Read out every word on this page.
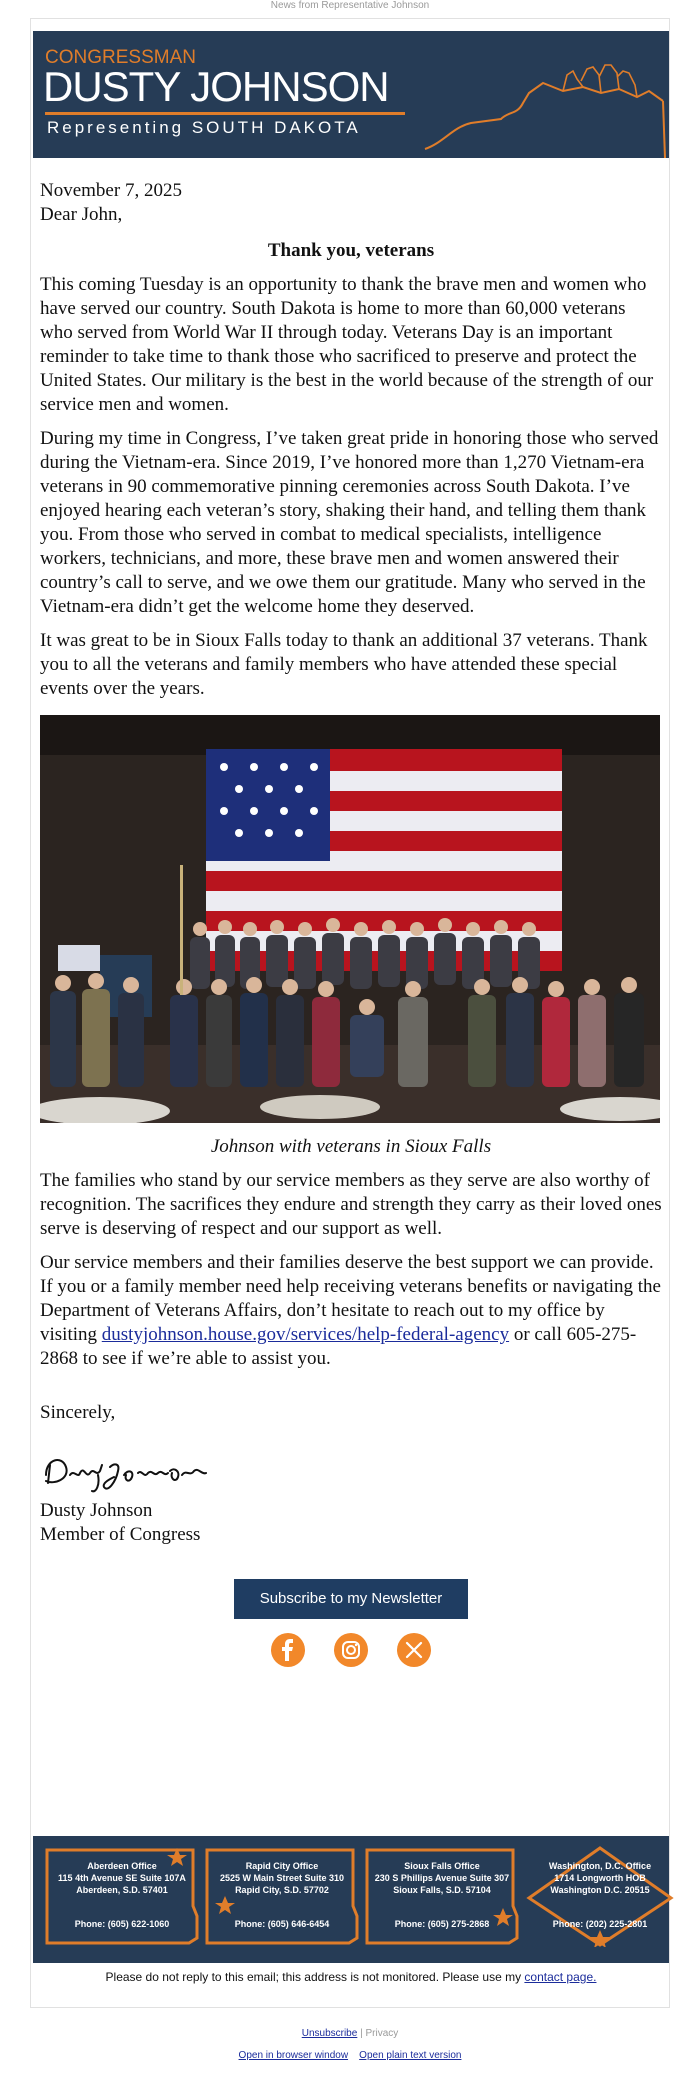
News from Representative Johnson
CONGRESSMAN
DUSTY JOHNSON
Representing SOUTH DAKOTA

November 7, 2025

Dear John,

Thank you, veterans

This coming Tuesday is an opportunity to thank the brave men and women who have served our country. South Dakota is home to more than 60,000 veterans who served from World War II through today. Veterans Day is an important reminder to take time to thank those who sacrificed to preserve and protect the United States. Our military is the best in the world because of the strength of our service men and women.

During my time in Congress, I’ve taken great pride in honoring those who served during the Vietnam-era. Since 2019, I’ve honored more than 1,270 Vietnam-era veterans in 90 commemorative pinning ceremonies across South Dakota. I’ve enjoyed hearing each veteran’s story, shaking their hand, and telling them thank you. From those who served in combat to medical specialists, intelligence workers, technicians, and more, these brave men and women answered their country’s call to serve, and we owe them our gratitude. Many who served in the Vietnam-era didn’t get the welcome home they deserved.

It was great to be in Sioux Falls today to thank an additional 37 veterans. Thank you to all the veterans and family members who have attended these special events over the years.

Johnson with veterans in Sioux Falls

The families who stand by our service members as they serve are also worthy of recognition. The sacrifices they endure and strength they carry as their loved ones serve is deserving of respect and our support as well.

Our service members and their families deserve the best support we can provide. If you or a family member need help receiving veterans benefits or navigating the Department of Veterans Affairs, don’t hesitate to reach out to my office by visiting dustyjohnson.house.gov/services/help-federal-agency or call 605-275-2868 to see if we’re able to assist you.

Sincerely,

Dusty Johnson

Member of Congress

Subscribe to my Newsletter

Aberdeen Office
115 4th Avenue SE Suite 107A
Aberdeen, S.D. 57401
Phone: (605) 622-1060
Rapid City Office
2525 W Main Street Suite 310
Rapid City, S.D. 57702
Phone: (605) 646-6454
Sioux Falls Office
230 S Phillips Avenue Suite 307
Sioux Falls, S.D. 57104
Phone: (605) 275-2868
Washington, D.C. Office
1714 Longworth HOB
Washington D.C. 20515
Phone: (202) 225-2801
Please do not reply to this email; this address is not monitored. Please use my contact page.
Unsubscribe | Privacy
Open in browser window Open plain text version
